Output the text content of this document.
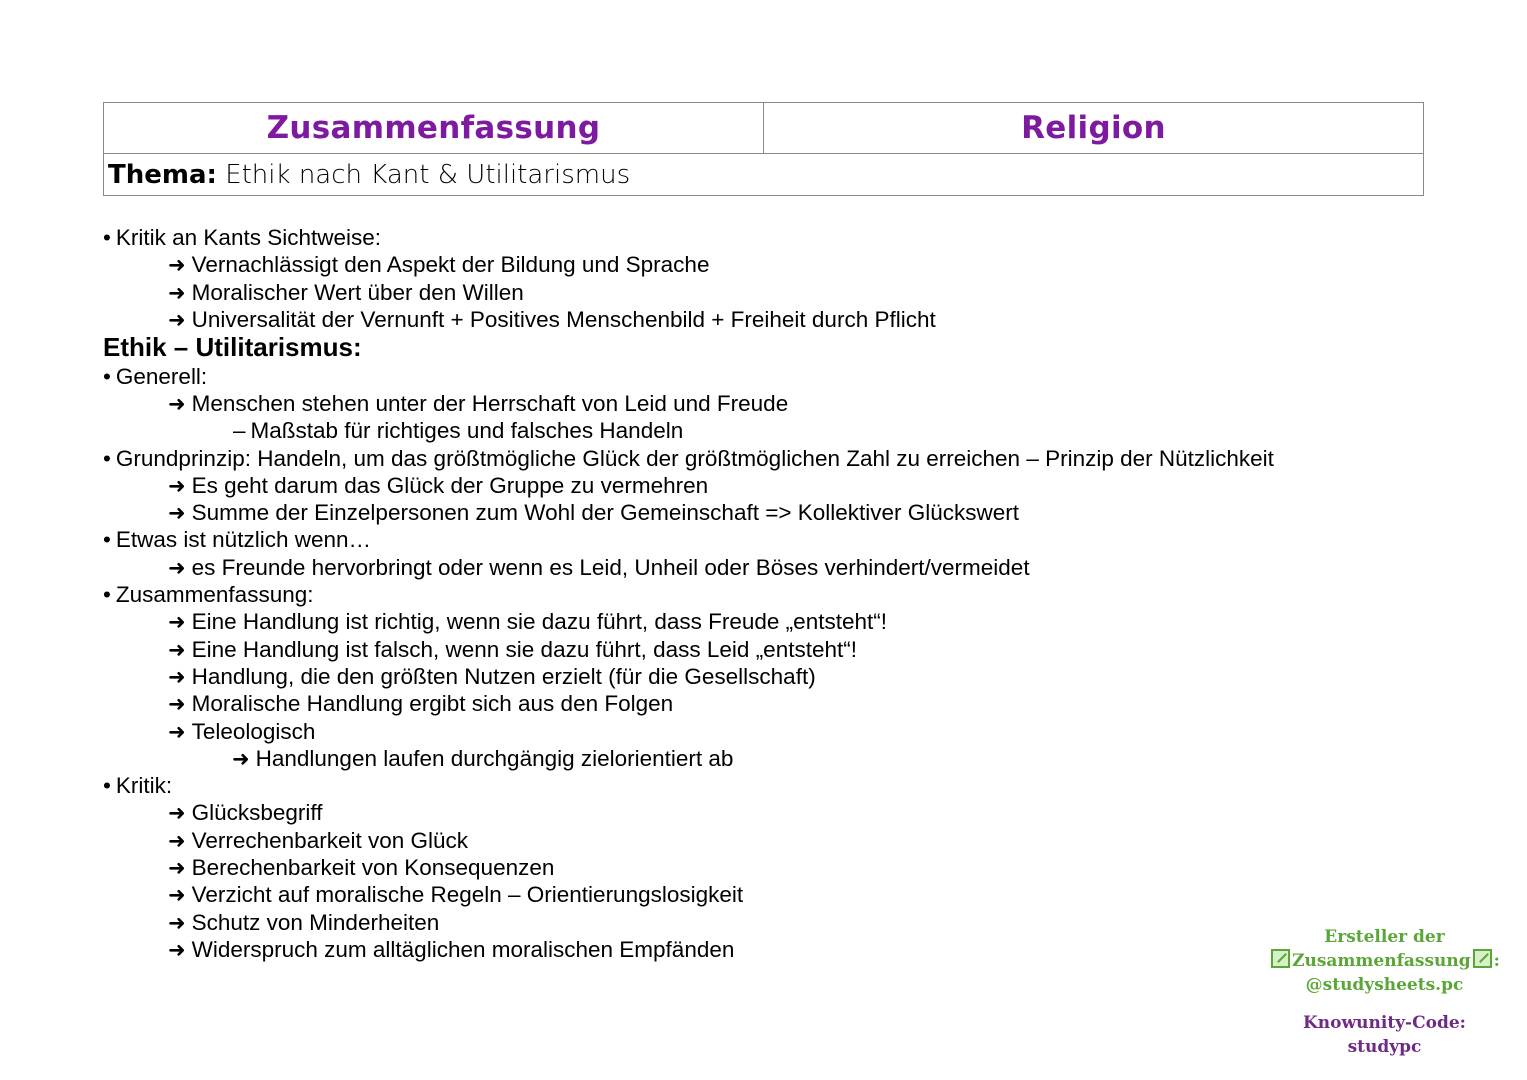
Zusammenfassung	Religion
Thema: Ethik nach Kant & Utilitarismus
• Kritik an Kants Sichtweise:
➜ Vernachlässigt den Aspekt der Bildung und Sprache
➜ Moralischer Wert über den Willen
➜ Universalität der Vernunft + Positives Menschenbild + Freiheit durch Pflicht
Ethik – Utilitarismus:
• Generell:
➜ Menschen stehen unter der Herrschaft von Leid und Freude
– Maßstab für richtiges und falsches Handeln
• Grundprinzip: Handeln, um das größtmögliche Glück der größtmöglichen Zahl zu erreichen – Prinzip der Nützlichkeit
➜ Es geht darum das Glück der Gruppe zu vermehren
➜ Summe der Einzelpersonen zum Wohl der Gemeinschaft => Kollektiver Glückswert
• Etwas ist nützlich wenn…
➜ es Freunde hervorbringt oder wenn es Leid, Unheil oder Böses verhindert/vermeidet
• Zusammenfassung:
➜ Eine Handlung ist richtig, wenn sie dazu führt, dass Freude „entsteht“!
➜ Eine Handlung ist falsch, wenn sie dazu führt, dass Leid „entsteht“!
➜ Handlung, die den größten Nutzen erzielt (für die Gesellschaft)
➜ Moralische Handlung ergibt sich aus den Folgen
➜ Teleologisch
➜ Handlungen laufen durchgängig zielorientiert ab
• Kritik:
➜ Glücksbegriff
➜ Verrechenbarkeit von Glück
➜ Berechenbarkeit von Konsequenzen
➜ Verzicht auf moralische Regeln – Orientierungslosigkeit
➜ Schutz von Minderheiten
➜ Widerspruch zum alltäglichen moralischen Empfänden	Ersteller der
Zusammenfassung :
@studysheets.pc
Knowunity-Code:
studypc
